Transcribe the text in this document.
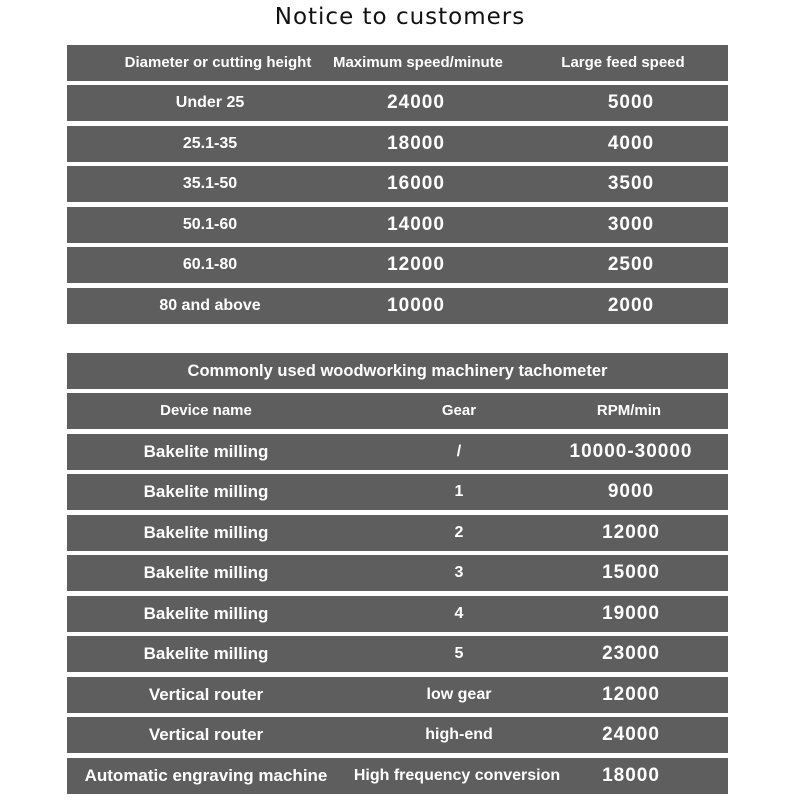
Notice to customers
Diameter or cutting height	Maximum speed/minute	Large feed speed
Under 25	24000	5000
25.1-35	18000	4000
35.1-50	16000	3500
50.1-60	14000	3000
60.1-80	12000	2500
80 and above	10000	2000
Commonly used woodworking machinery tachometer
Device name	Gear	RPM/min
Bakelite milling	/	10000-30000
Bakelite milling	1	9000
Bakelite milling	2	12000
Bakelite milling	3	15000
Bakelite milling	4	19000
Bakelite milling	5	23000
Vertical router	low gear	12000
Vertical router	high-end	24000
Automatic engraving machine	High frequency conversion	18000
